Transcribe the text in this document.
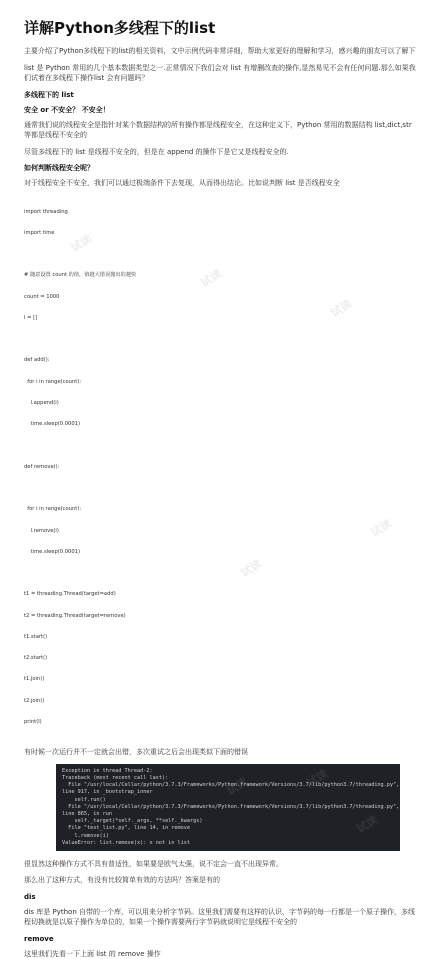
详解Python多线程下的list

主要介绍了Python多线程下的list的相关资料，文中示例代码非常详细，帮助大家更好的理解和学习，感兴趣的朋友可以了解下

list 是 Python 常用的几个基本数据类型之一.正常情况下我们会对 list 有增删改查的操作,显然易见不会有任何问题.那么如果我们试着在多线程下操作list 会有问题吗？

多线程下的 list
安全 or 不安全？ 不安全！

通常我们说的线程安全是指针对某个数据结构的所有操作都是线程安全，在这种定义下，Python 常用的数据结构 list,dict,str 等都是线程不安全的

尽管多线程下的 list 是线程不安全的，但是在 append 的操作下是它又是线程安全的.

如何判断线程安全呢？

对于线程安全不安全，我们可以通过极端条件下去复现，从而得出结论。比如说判断 list 是否线程安全

import threading

import time

# 随意设置 count 的值，值越大错误抛出的越快

count = 1000

l = []

def add():

for i in range(count):

l.append(i)

time.sleep(0.0001)

def remove():

for i in range(count):

l.remove(i)

time.sleep(0.0001)

t1 = threading.Thread(target=add)

t2 = threading.Thread(target=remove)

t1.start()

t2.start()

t1.join()

t2.join()

print(l)

有时候一次运行并不一定就会出错，多次重试之后会出现类似下面的错误

Exception in thread Thread-2:
Traceback (most recent call last):
File "/usr/local/Cellar/python/3.7.3/Frameworks/Python.framework/Versions/3.7/lib/python3.7/threading.py",
line 917, in _bootstrap_inner
self.run()
File "/usr/local/Cellar/python/3.7.3/Frameworks/Python.framework/Versions/3.7/lib/python3.7/threading.py",
line 865, in run
self._target(*self._args, **self._kwargs)
File "test_list.py", line 14, in remove
l.remove(i)
ValueError: list.remove(x): x not in list
试读	试读
试读

很显然这种操作方式不具有普适性，如果要是欧气太强，说不定会一直不出现异常。

那么出了这种方式，有没有比较简单有效的方法吗？答案是有的

dis

dis 库是 Python 自带的一个库，可以用来分析字节码。这里我们需要有这样的认识，字节码的每一行都是一个原子操作，多线程切换就是以原子操作为单位的，如果一个操作需要两行字节码就说明它是线程不安全的

remove

这里我们先看一下上面 list 的 remove 操作

试读
试读
试读
试读
试读
